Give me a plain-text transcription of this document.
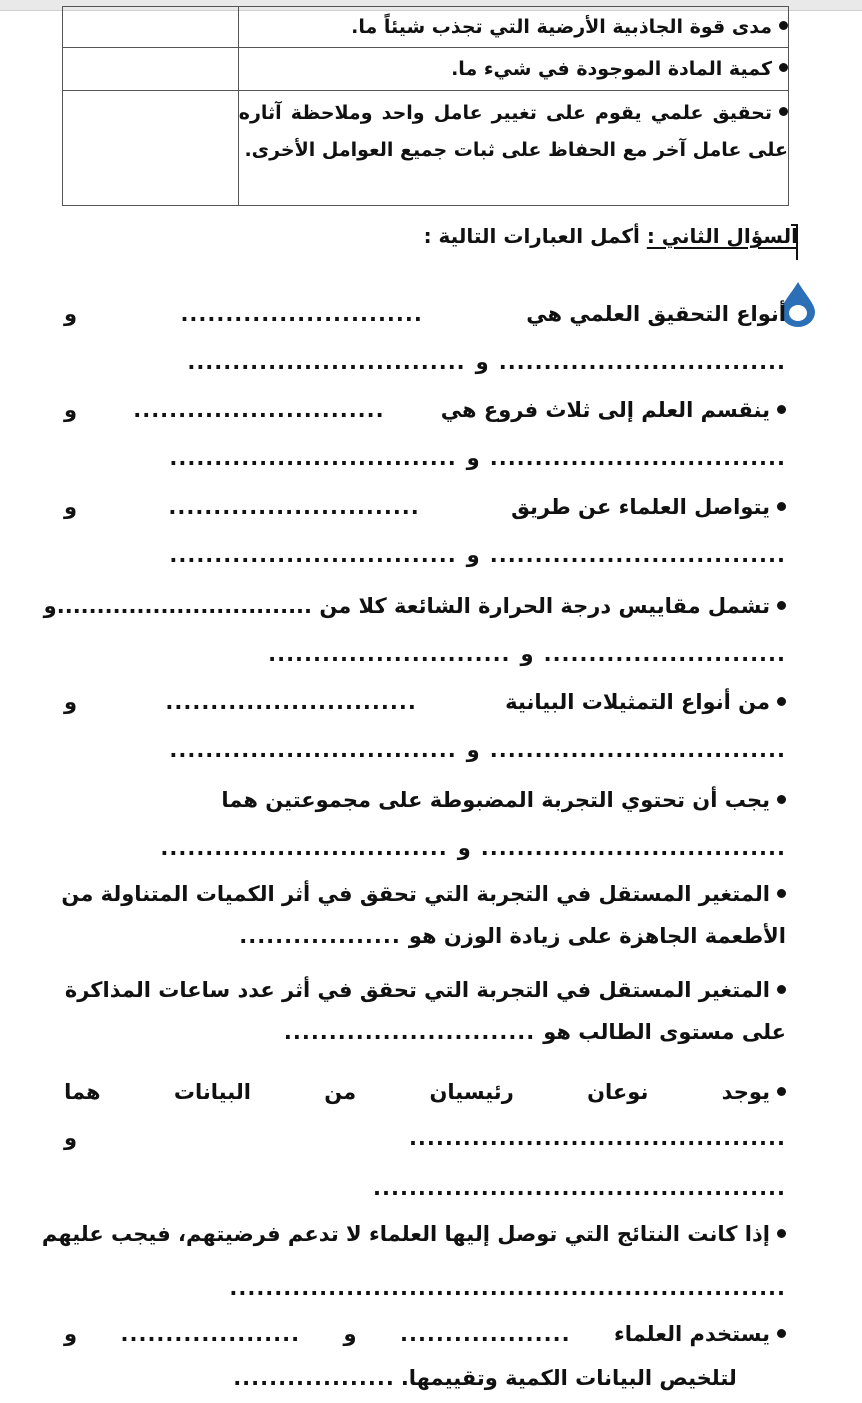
مدى قوة الجاذبية الأرضية التي تجذب شيئاً ما.	
كمية المادة الموجودة في شيء ما.	
تحقيق علمي يقوم على تغيير عامل واحد وملاحظة آثاره على عامل آخر مع الحفاظ على ثبات جميع العوامل الأخرى.	
السؤال الثاني : أكمل العبارات التالية :
أنواع التحقيق العلمي هي
...........................
و
................................
و
...............................
ينقسم العلم إلى ثلاث فروع هي
............................
و
.................................
و
................................
يتواصل العلماء عن طريق
............................
و
.................................
و
................................
تشمل مقاييس درجة الحرارة الشائعة كلا من ................................
و
...........................
و
...........................
من أنواع التمثيلات البيانية
............................
و
.................................
و
................................
يجب أن تحتوي التجربة المضبوطة على مجموعتين هما
..................................
و
................................
المتغير المستقل في التجربة التي تحقق في أثر الكميات المتناولة من
الأطعمة الجاهزة على زيادة الوزن هو
..................
المتغير المستقل في التجربة التي تحقق في أثر عدد ساعات المذاكرة
على مستوى الطالب هو
............................
يوجد
نوعان
رئيسيان
من
البيانات
هما
..........................................
و
..............................................
إذا كانت النتائج التي توصل إليها العلماء لا تدعم فرضيتهم، فيجب عليهم
..............................................................
يستخدم العلماء
...................
و
....................
و
لتلخيص البيانات الكمية وتقييمها.
..................
